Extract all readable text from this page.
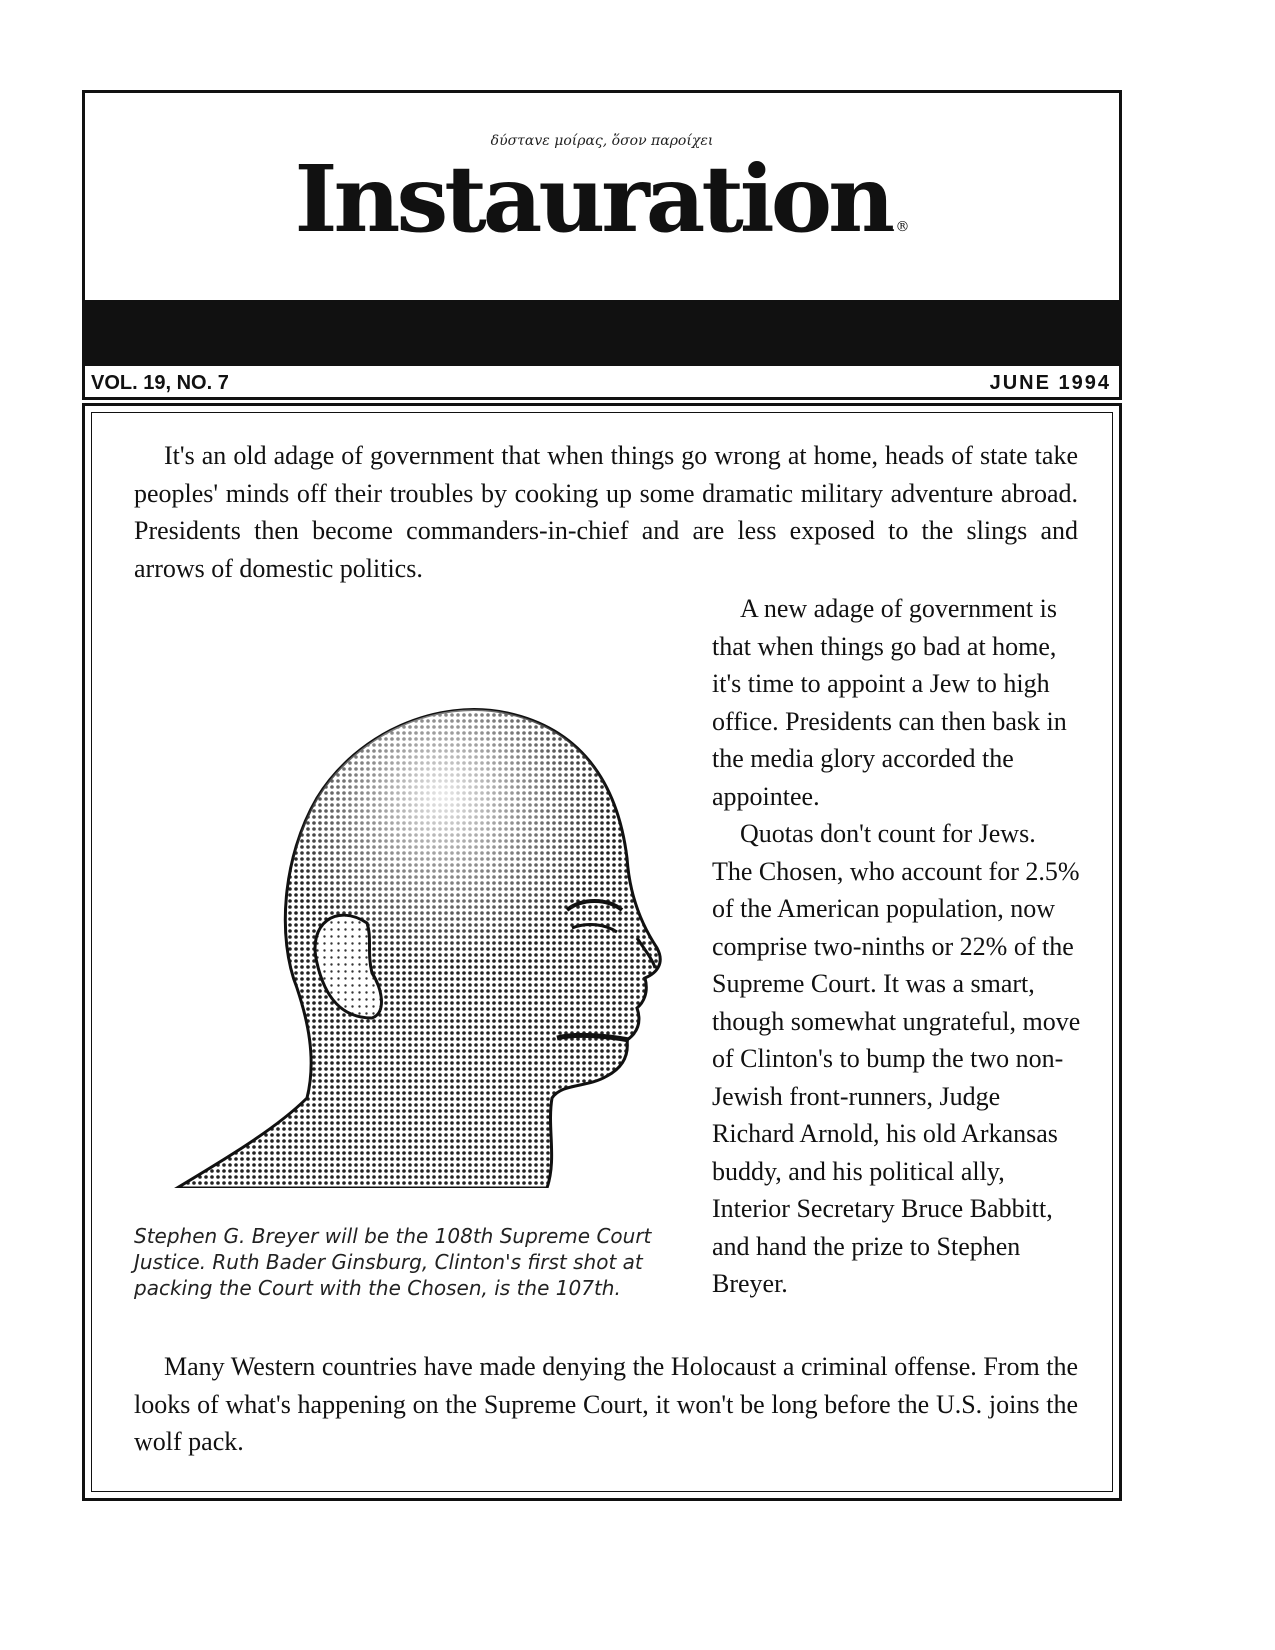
δύσταvε μοίρας, ὅσον παροίχει
Instauration.®
VOL. 19, NO. 7	JUNE 1994

It's an old adage of government that when things go wrong at home, heads of state take peoples' minds off their troubles by cooking up some dramatic military adventure abroad. Presidents then become commanders-in-chief and are less exposed to the slings and arrows of domestic politics.

A new adage of government is that when things go bad at home, it's time to appoint a Jew to high office. Presidents can then bask in the media glory accorded the appointee.

Quotas don't count for Jews. The Chosen, who account for 2.5% of the American population, now comprise two-ninths or 22% of the Supreme Court. It was a smart, though somewhat ungrateful, move of Clinton's to bump the two non-Jewish front-runners, Judge Richard Arnold, his old Arkansas buddy, and his political ally, Interior Secretary Bruce Babbitt, and hand the prize to Stephen Breyer.

Stephen G. Breyer will be the 108th Supreme Court Justice. Ruth Bader Ginsburg, Clinton's first shot at packing the Court with the Chosen, is the 107th.

Many Western countries have made denying the Holocaust a criminal offense. From the looks of what's happening on the Supreme Court, it won't be long before the U.S. joins the wolf pack.
